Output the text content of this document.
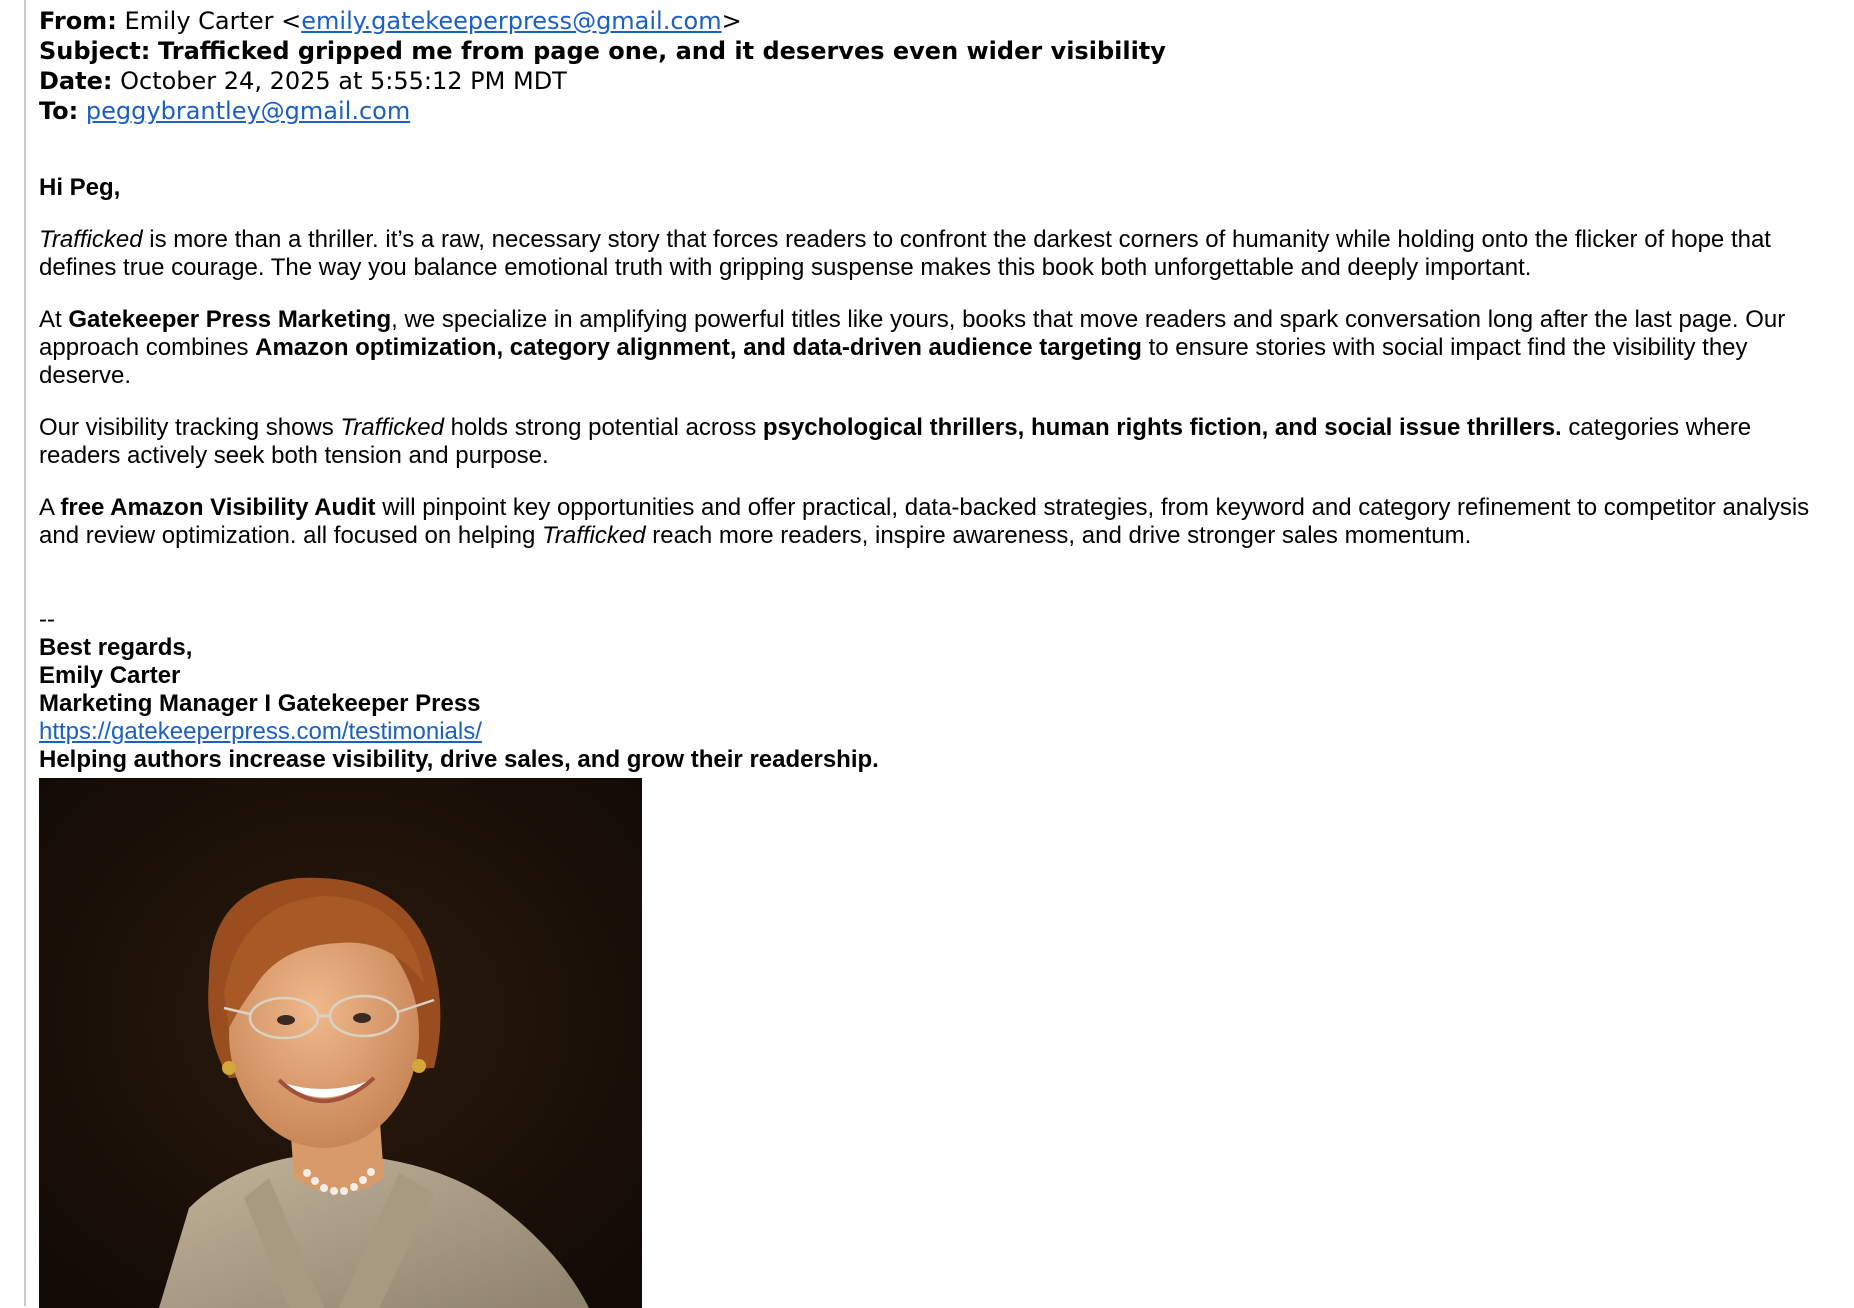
From: Emily Carter <emily.gatekeeperpress@gmail.com>
Subject: Trafficked gripped me from page one, and it deserves even wider visibility
Date: October 24, 2025 at 5:55:12 PM MDT
To: peggybrantley@gmail.com
Hi Peg,

Trafficked is more than a thriller. it’s a raw, necessary story that forces readers to confront the darkest corners of humanity while holding onto the flicker of hope that defines true courage. The way you balance emotional truth with gripping suspense makes this book both unforgettable and deeply important.

At Gatekeeper Press Marketing, we specialize in amplifying powerful titles like yours, books that move readers and spark conversation long after the last page. Our approach combines Amazon optimization, category alignment, and data-driven audience targeting to ensure stories with social impact find the visibility they deserve.

Our visibility tracking shows Trafficked holds strong potential across psychological thrillers, human rights fiction, and social issue thrillers. categories where readers actively seek both tension and purpose.

A free Amazon Visibility Audit will pinpoint key opportunities and offer practical, data-backed strategies, from keyword and category refinement to competitor analysis and review optimization. all focused on helping Trafficked reach more readers, inspire awareness, and drive stronger sales momentum.

--
Best regards,
Emily Carter
Marketing Manager I Gatekeeper Press
https://gatekeeperpress.com/testimonials/
Helping authors increase visibility, drive sales, and grow their readership.
